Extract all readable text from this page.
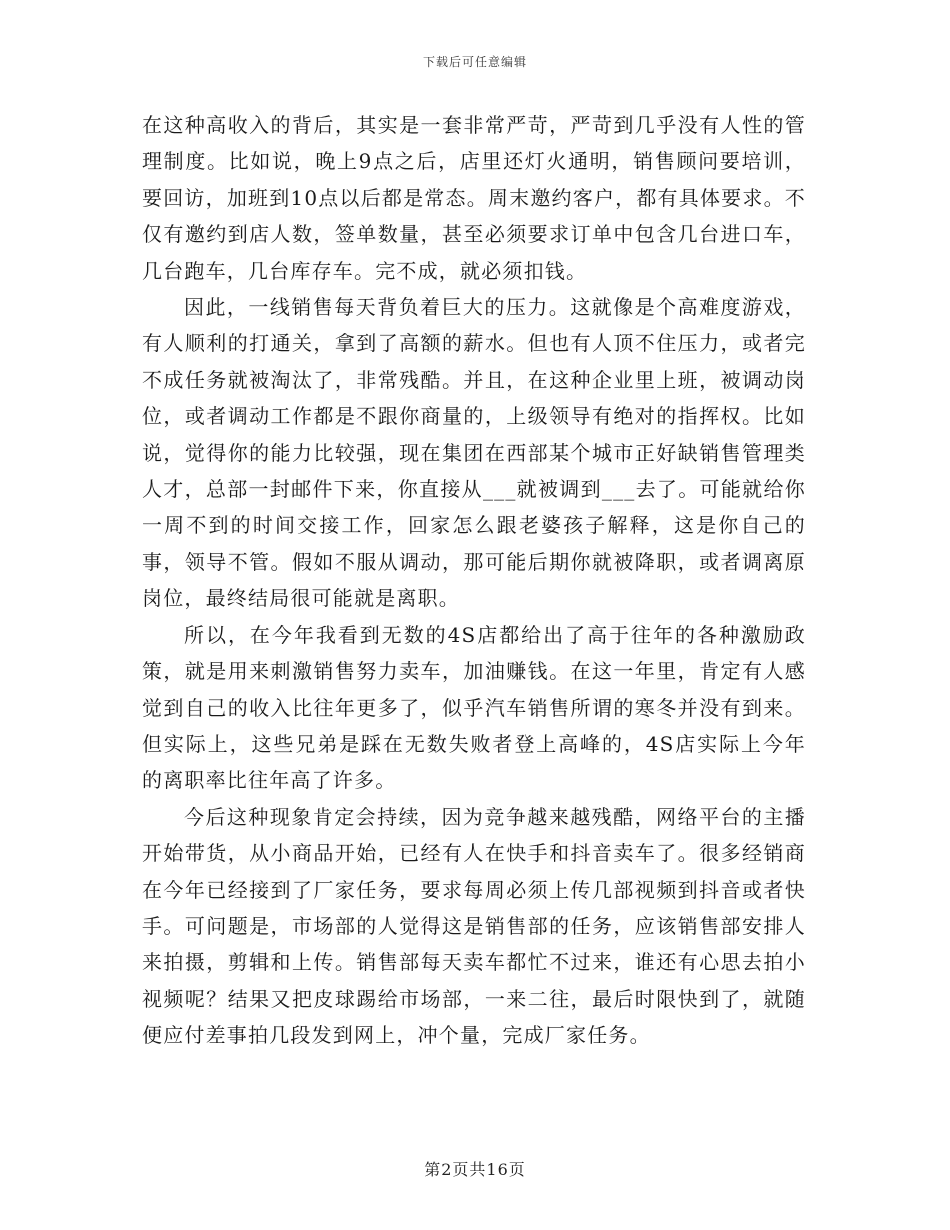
下载后可任意编辑

在这种高收入的背后，其实是一套非常严苛，严苛到几乎没有人性的管理制度。比如说，晚上9点之后，店里还灯火通明，销售顾问要培训，要回访，加班到10点以后都是常态。周末邀约客户，都有具体要求。不仅有邀约到店人数，签单数量，甚至必须要求订单中包含几台进口车，几台跑车，几台库存车。完不成，就必须扣钱。

因此，一线销售每天背负着巨大的压力。这就像是个高难度游戏，有人顺利的打通关，拿到了高额的薪水。但也有人顶不住压力，或者完不成任务就被淘汰了，非常残酷。并且，在这种企业里上班，被调动岗位，或者调动工作都是不跟你商量的，上级领导有绝对的指挥权。比如说，觉得你的能力比较强，现在集团在西部某个城市正好缺销售管理类人才，总部一封邮件下来，你直接从___就被调到___去了。可能就给你一周不到的时间交接工作，回家怎么跟老婆孩子解释，这是你自己的事，领导不管。假如不服从调动，那可能后期你就被降职，或者调离原岗位，最终结局很可能就是离职。

所以，在今年我看到无数的4S店都给出了高于往年的各种激励政策，就是用来刺激销售努力卖车，加油赚钱。在这一年里，肯定有人感觉到自己的收入比往年更多了，似乎汽车销售所谓的寒冬并没有到来。但实际上，这些兄弟是踩在无数失败者登上高峰的，4S店实际上今年的离职率比往年高了许多。

今后这种现象肯定会持续，因为竞争越来越残酷，网络平台的主播开始带货，从小商品开始，已经有人在快手和抖音卖车了。很多经销商在今年已经接到了厂家任务，要求每周必须上传几部视频到抖音或者快手。可问题是，市场部的人觉得这是销售部的任务，应该销售部安排人来拍摄，剪辑和上传。销售部每天卖车都忙不过来，谁还有心思去拍小视频呢？结果又把皮球踢给市场部，一来二往，最后时限快到了，就随便应付差事拍几段发到网上，冲个量，完成厂家任务。

第2页共16页
